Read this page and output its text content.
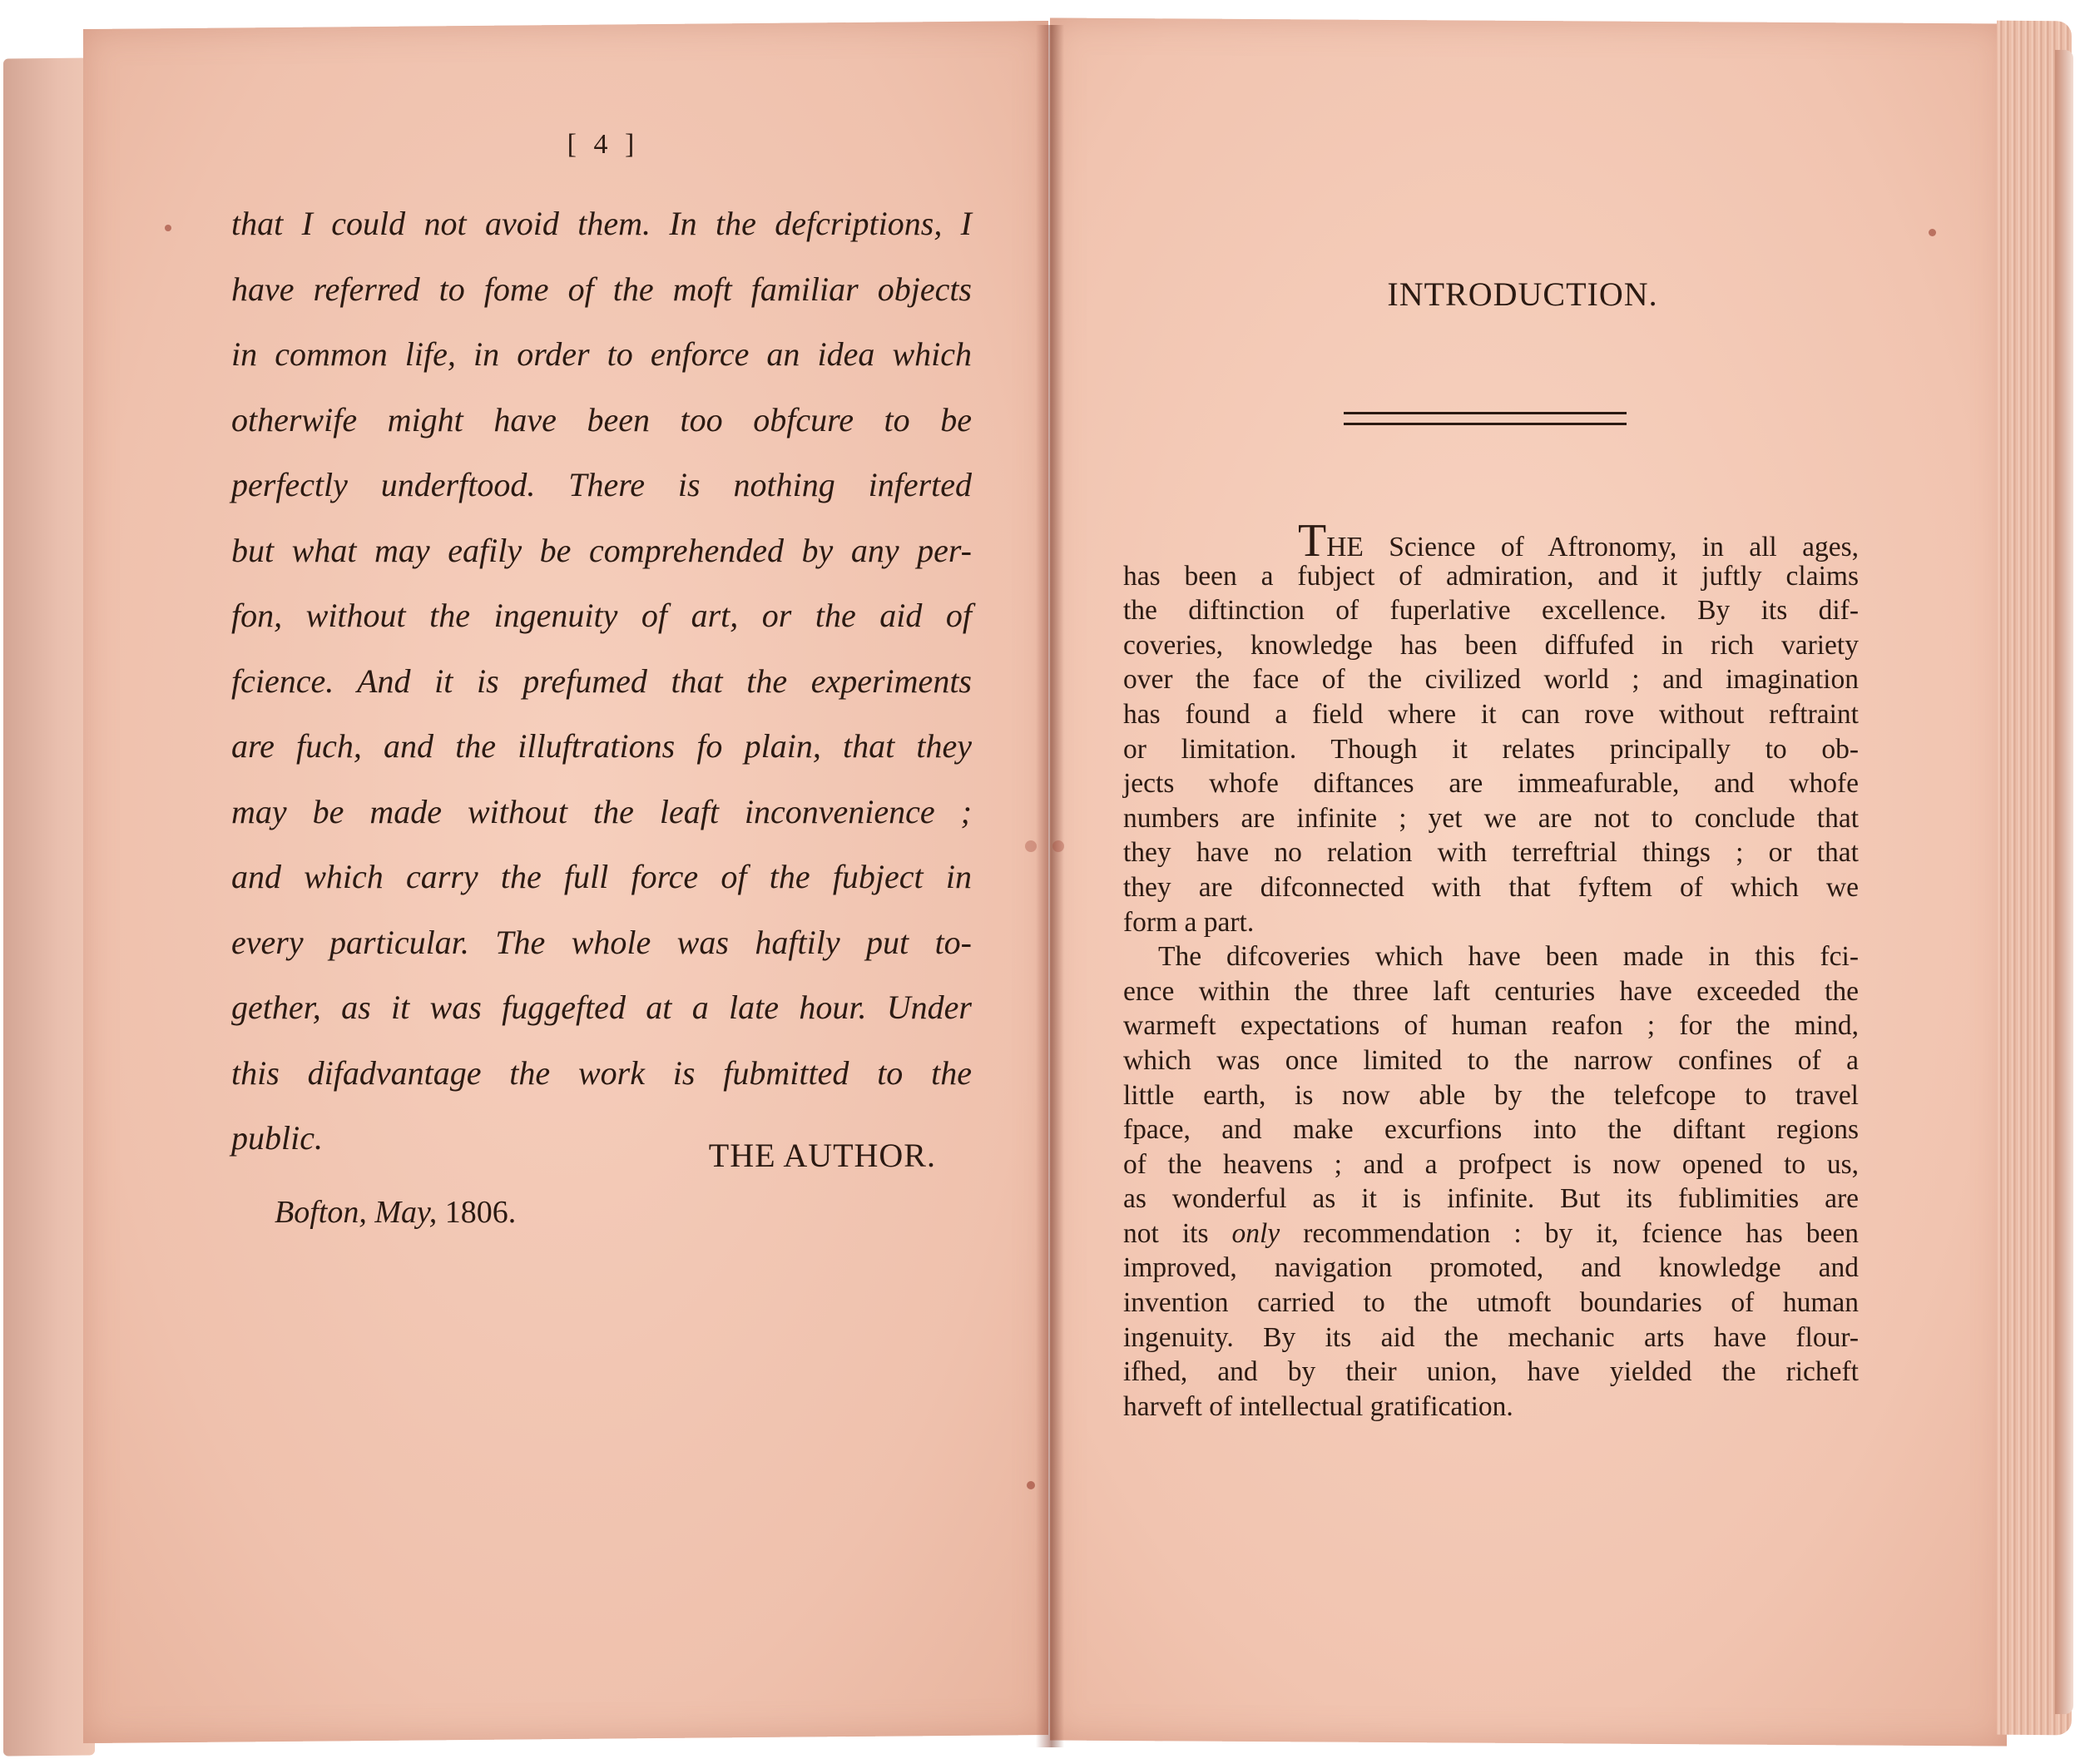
[ 4 ]
that I could not avoid them. In the defcriptions, I
have referred to fome of the moft familiar objects
in common life, in order to enforce an idea which
otherwife might have been too obfcure to be
perfectly underftood. There is nothing inferted
but what may eafily be comprehended by any per-
fon, without the ingenuity of art, or the aid of
fcience. And it is prefumed that the experiments
are fuch, and the illuftrations fo plain, that they
may be made without the leaft inconvenience ;
and which carry the full force of the fubject in
every particular. The whole was haftily put to-
gether, as it was fuggefted at a late hour. Under
this difadvantage the work is fubmitted to the
public.	THE AUTHOR.
Bofton, May, 1806.
INTRODUCTION.
THE Science of Aftronomy, in all ages,
has been a fubject of admiration, and it juftly claims
the diftinction of fuperlative excellence. By its dif-
coveries, knowledge has been diffufed in rich variety
over the face of the civilized world ; and imagination
has found a field where it can rove without reftraint
or limitation. Though it relates principally to ob-
jects whofe diftances are immeafurable, and whofe
numbers are infinite ; yet we are not to conclude that
they have no relation with terreftrial things ; or that
they are difconnected with that fyftem of which we
form a part.
The difcoveries which have been made in this fci-
ence within the three laft centuries have exceeded the
warmeft expectations of human reafon ; for the mind,
which was once limited to the narrow confines of a
little earth, is now able by the telefcope to travel
fpace, and make excurfions into the diftant regions
of the heavens ; and a profpect is now opened to us,
as wonderful as it is infinite. But its fublimities are
not its only recommendation : by it, fcience has been
improved, navigation promoted, and knowledge and
invention carried to the utmoft boundaries of human
ingenuity. By its aid the mechanic arts have flour-
ifhed, and by their union, have yielded the richeft
harveft of intellectual gratification.
